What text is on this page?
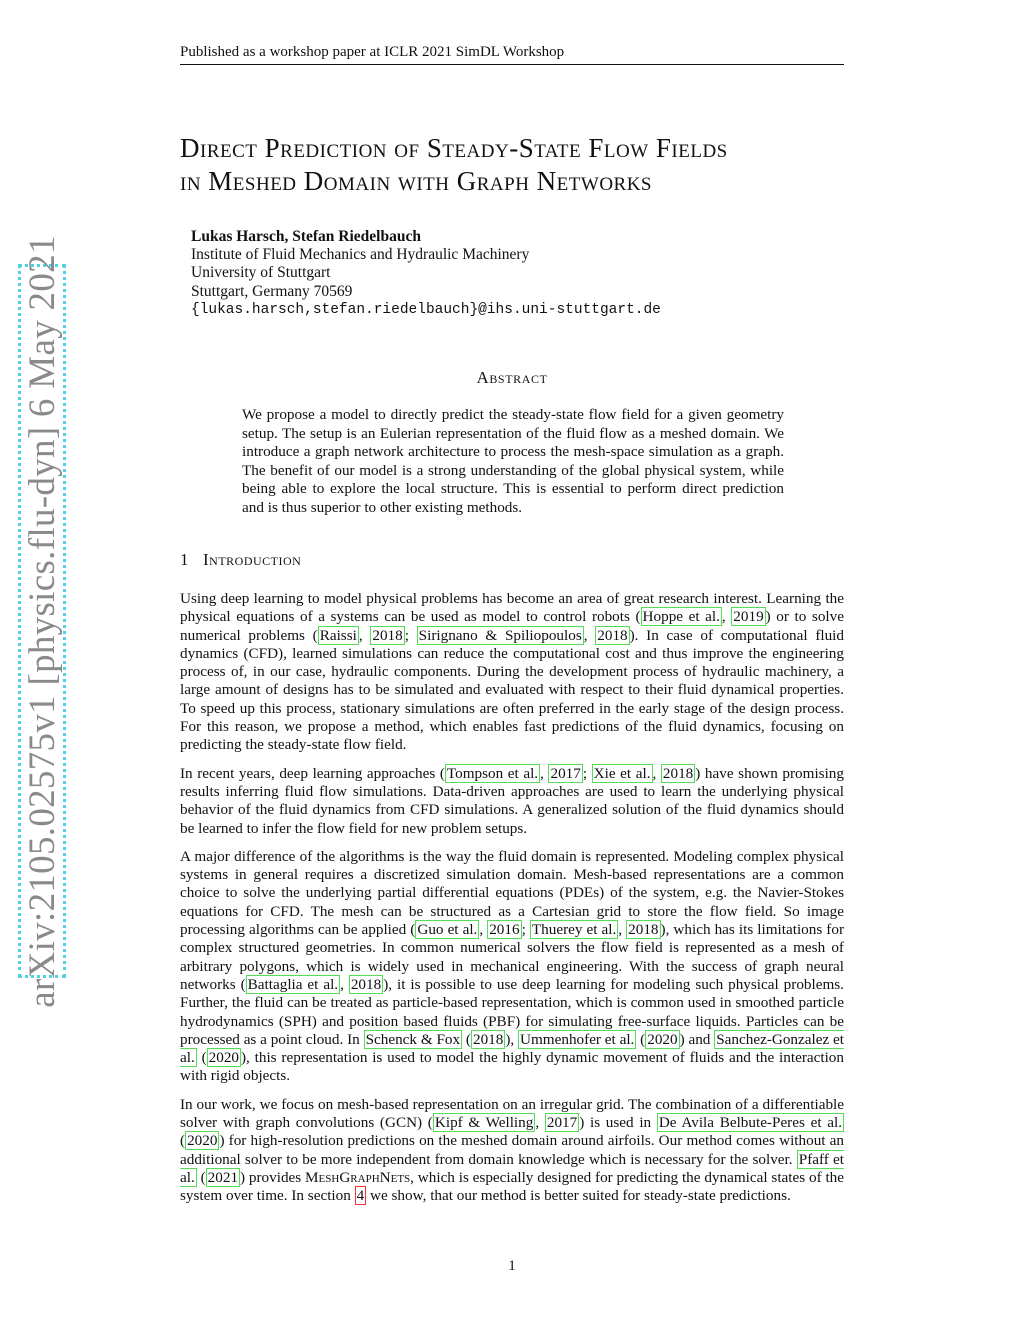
arXiv:2105.02575v1 [physics.flu-dyn] 6 May 2021
Published as a workshop paper at ICLR 2021 SimDL Workshop
Direct Prediction of Steady-State Flow Fields
in Meshed Domain with Graph Networks
Lukas Harsch, Stefan Riedelbauch
Institute of Fluid Mechanics and Hydraulic Machinery
University of Stuttgart
Stuttgart, Germany 70569
{lukas.harsch,stefan.riedelbauch}@ihs.uni-stuttgart.de
Abstract

We propose a model to directly predict the steady-state flow field for a given geometry setup. The setup is an Eulerian representation of the fluid flow as a meshed domain. We introduce a graph network architecture to process the mesh-space simulation as a graph. The benefit of our model is a strong understanding of the global physical system, while being able to explore the local structure. This is essential to perform direct prediction and is thus superior to other existing methods.

1 Introduction

Using deep learning to model physical problems has become an area of great research interest. Learning the physical equations of a systems can be used as model to control robots ( Hoppe et al. , 2019 ) or to solve numerical problems ( Raissi , 2018 ; Sirignano & Spiliopoulos , 2018 ). In case of computational fluid dynamics (CFD), learned simulations can reduce the computational cost and thus improve the engineering process of, in our case, hydraulic components. During the development process of hydraulic machinery, a large amount of designs has to be simulated and evaluated with respect to their fluid dynamical properties. To speed up this process, stationary simulations are often preferred in the early stage of the design process. For this reason, we propose a method, which enables fast predictions of the fluid dynamics, focusing on predicting the steady-state flow field.

In recent years, deep learning approaches ( Tompson et al. , 2017 ; Xie et al. , 2018 ) have shown promising results inferring fluid flow simulations. Data-driven approaches are used to learn the underlying physical behavior of the fluid dynamics from CFD simulations. A generalized solution of the fluid dynamics should be learned to infer the flow field for new problem setups.

A major difference of the algorithms is the way the fluid domain is represented. Modeling complex physical systems in general requires a discretized simulation domain. Mesh-based representations are a common choice to solve the underlying partial differential equations (PDEs) of the system, e.g. the Navier-Stokes equations for CFD. The mesh can be structured as a Cartesian grid to store the flow field. So image processing algorithms can be applied ( Guo et al. , 2016 ; Thuerey et al. , 2018 ), which has its limitations for complex structured geometries. In common numerical solvers the flow field is represented as a mesh of arbitrary polygons, which is widely used in mechanical engineering. With the success of graph neural networks ( Battaglia et al. , 2018 ), it is possible to use deep learning for modeling such physical problems. Further, the fluid can be treated as particle-based representation, which is common used in smoothed particle hydrodynamics (SPH) and position based fluids (PBF) for simulating free-surface liquids. Particles can be processed as a point cloud. In Schenck & Fox ( 2018 ), Ummenhofer et al. ( 2020 ) and Sanchez-Gonzalez et al. ( 2020 ), this representation is used to model the highly dynamic movement of fluids and the interaction with rigid objects.

In our work, we focus on mesh-based representation on an irregular grid. The combination of a differentiable solver with graph convolutions (GCN) ( Kipf & Welling , 2017 ) is used in De Avila Belbute-Peres et al. ( 2020 ) for high-resolution predictions on the meshed domain around airfoils. Our method comes without an additional solver to be more independent from domain knowledge which is necessary for the solver. Pfaff et al. ( 2021 ) provides MeshGraphNets, which is especially designed for predicting the dynamical states of the system over time. In section 4 we show, that our method is better suited for steady-state predictions.

1
